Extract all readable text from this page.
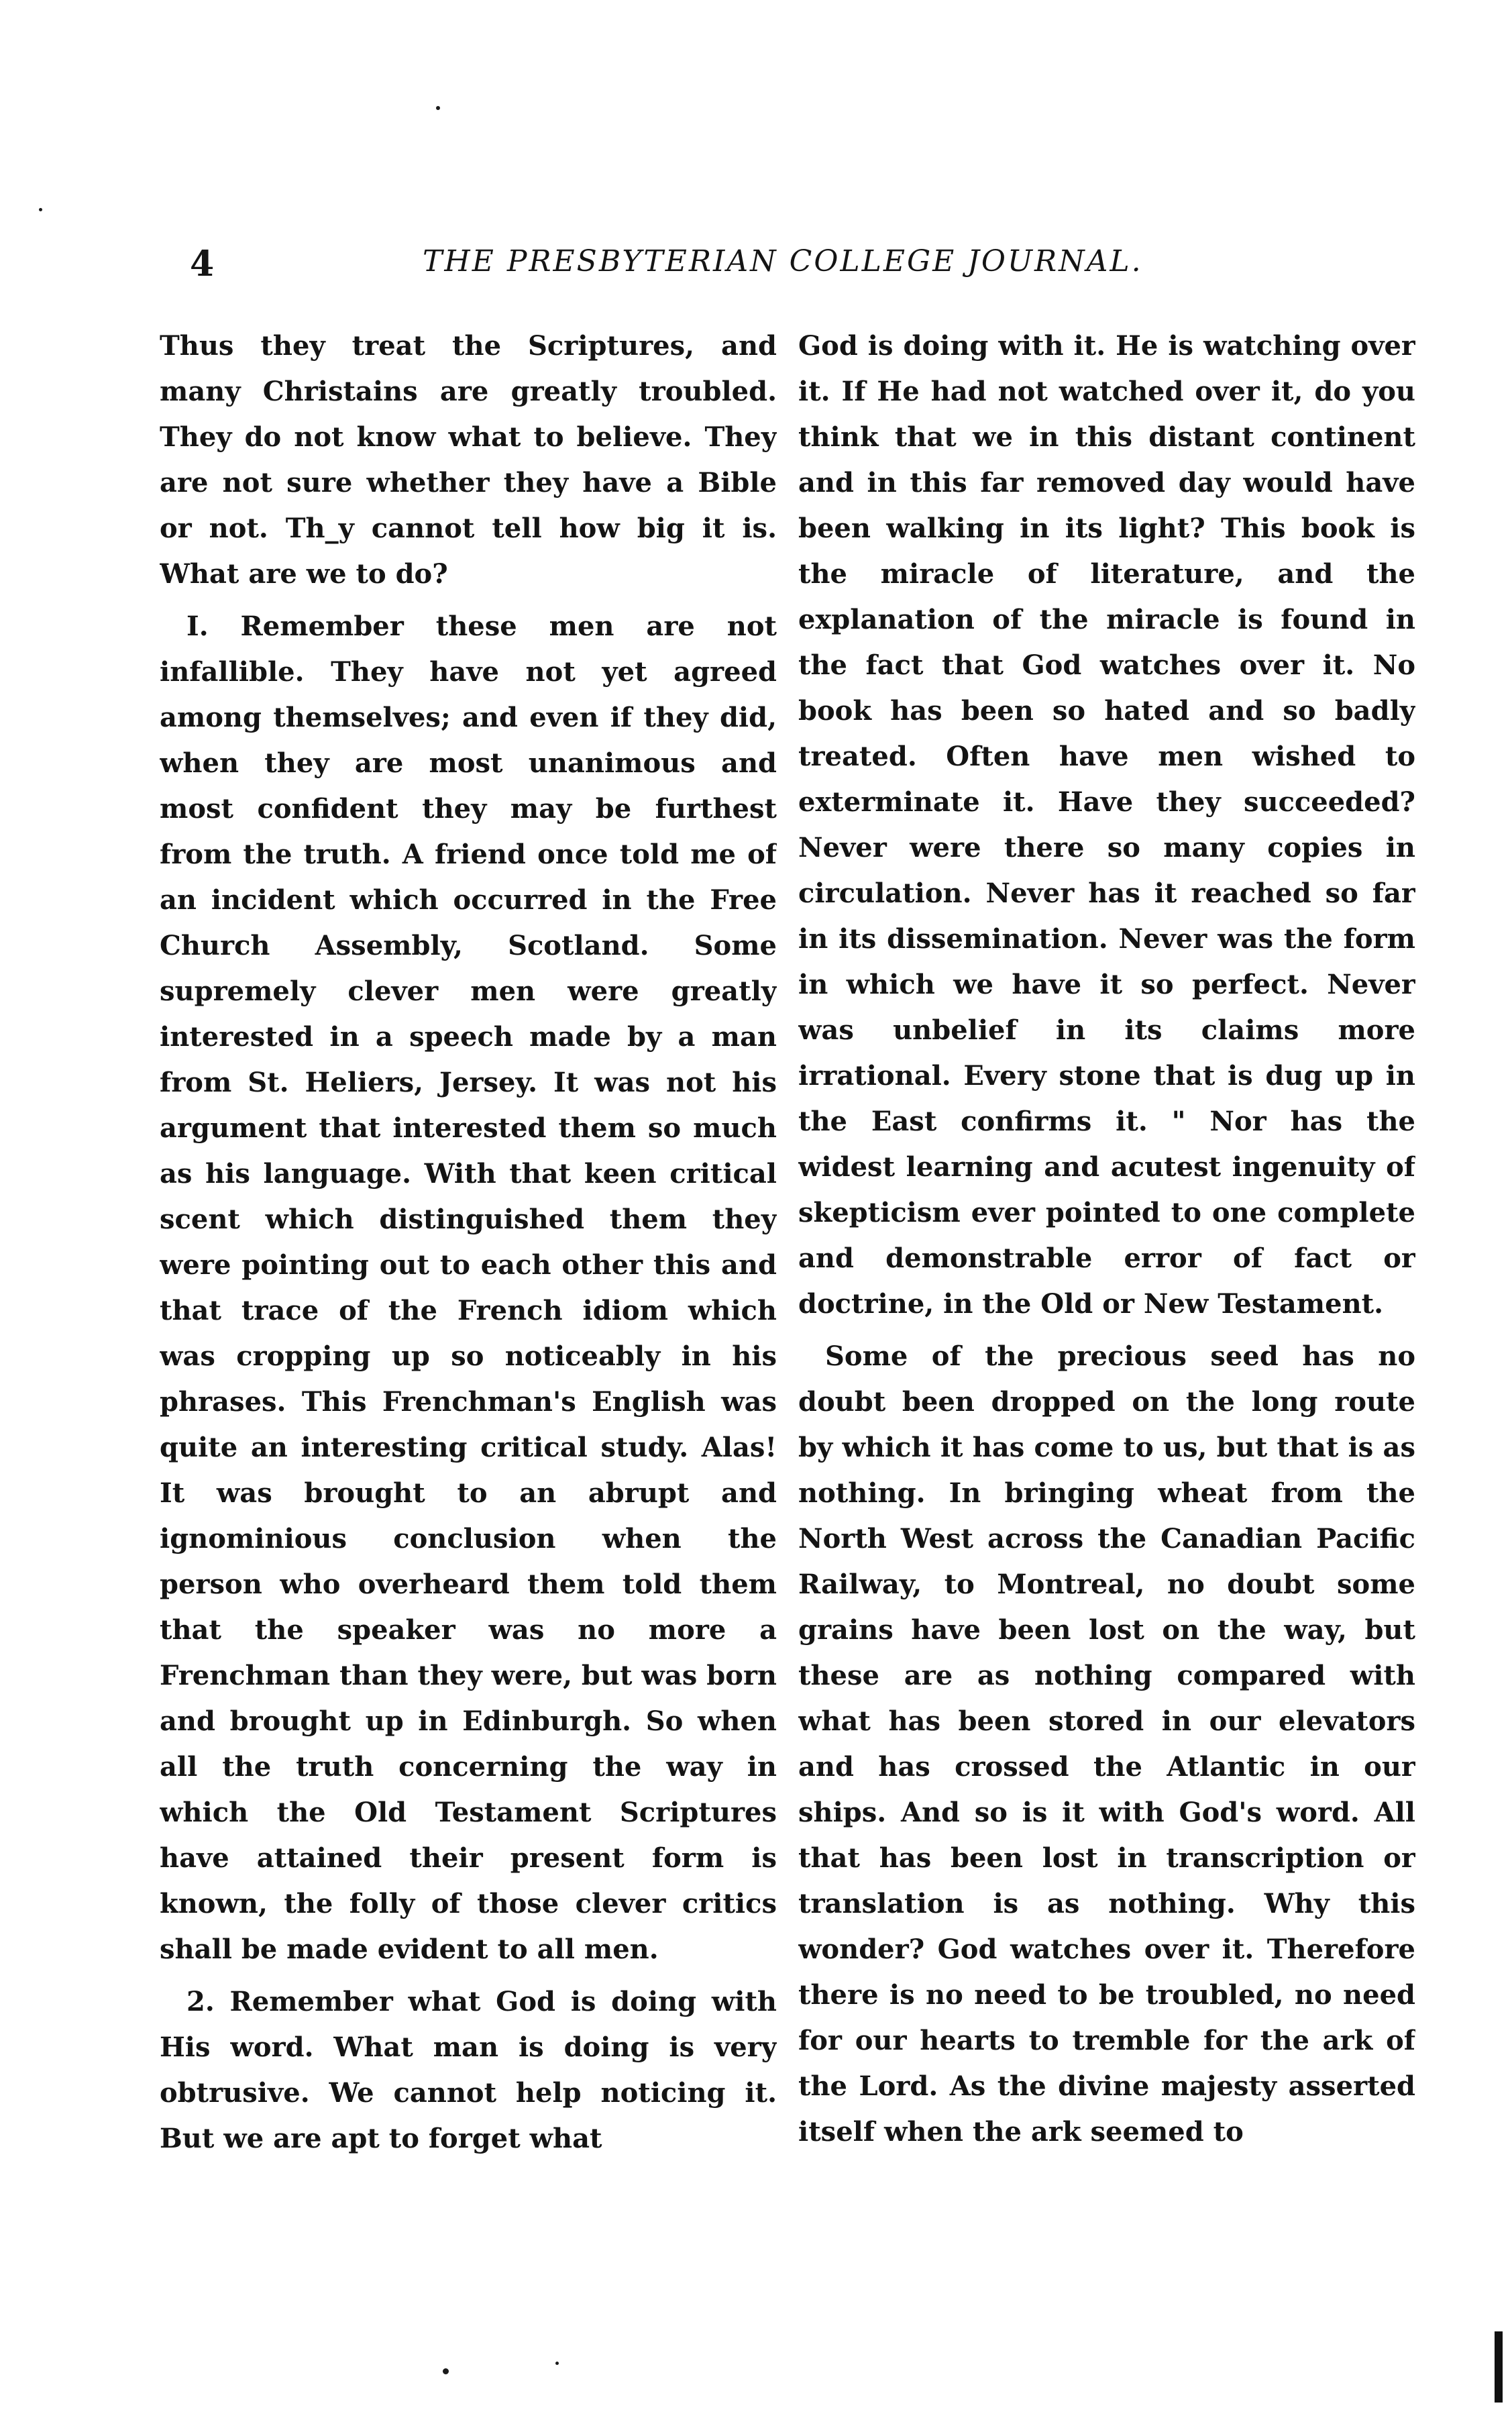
4	THE PRESBYTERIAN COLLEGE JOURNAL.

Thus they treat the Scriptures, and many Christains are greatly troubled. They do not know what to believe. They are not sure whether they have a Bible or not. Th_y cannot tell how big it is. What are we to do?

I. Remember these men are not infallible. They have not yet agreed among themselves; and even if they did, when they are most unanimous and most confident they may be furthest from the truth. A friend once told me of an incident which occurred in the Free Church Assembly, Scotland. Some supremely clever men were greatly interested in a speech made by a man from St. Heliers, Jersey. It was not his argument that interested them so much as his language. With that keen critical scent which distinguished them they were pointing out to each other this and that trace of the French idiom which was cropping up so noticeably in his phrases. This Frenchman's English was quite an interesting critical study. Alas! It was brought to an abrupt and ignominious conclusion when the person who overheard them told them that the speaker was no more a Frenchman than they were, but was born and brought up in Edinburgh. So when all the truth concerning the way in which the Old Testament Scriptures have attained their present form is known, the folly of those clever critics shall be made evident to all men.

2. Remember what God is doing with His word. What man is doing is very obtrusive. We cannot help noticing it. But we are apt to forget what

God is doing with it. He is watching over it. If He had not watched over it, do you think that we in this distant continent and in this far removed day would have been walking in its light? This book is the miracle of literature, and the explanation of the miracle is found in the fact that God watches over it. No book has been so hated and so badly treated. Often have men wished to exterminate it. Have they succeeded? Never were there so many copies in circulation. Never has it reached so far in its dissemination. Never was the form in which we have it so perfect. Never was unbelief in its claims more irrational. Every stone that is dug up in the East confirms it. " Nor has the widest learning and acutest ingenuity of skepticism ever pointed to one complete and demonstrable error of fact or doctrine, in the Old or New Testament.

Some of the precious seed has no doubt been dropped on the long route by which it has come to us, but that is as nothing. In bringing wheat from the North West across the Canadian Pacific Railway, to Montreal, no doubt some grains have been lost on the way, but these are as nothing compared with what has been stored in our elevators and has crossed the Atlantic in our ships. And so is it with God's word. All that has been lost in transcription or translation is as nothing. Why this wonder? God watches over it. Therefore there is no need to be troubled, no need for our hearts to tremble for the ark of the Lord. As the divine majesty asserted itself when the ark seemed to
